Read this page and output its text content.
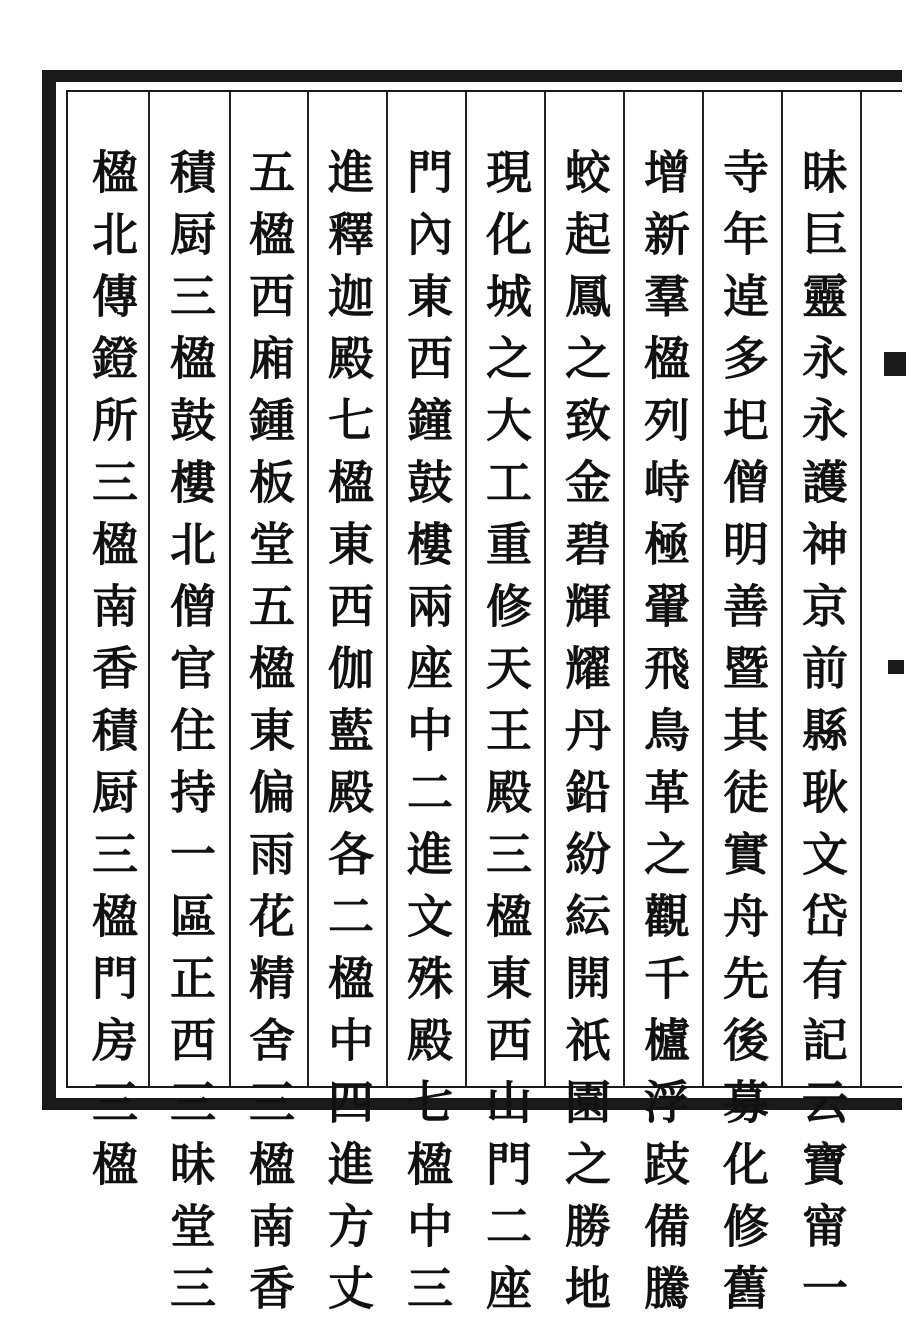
昧巨靈永永護神京前縣耿文岱有記云寶甯一
寺年逴多圯僧明善暨其徒實舟先後募化修舊
增新羣楹列峙極翬飛鳥革之觀千櫨浮跂備騰
蛟起鳳之致金碧輝耀丹鉛紛紜開祇園之勝地
現化城之大工重修天王殿三楹東西山門二座
門內東西鐘鼓樓兩座中二進文殊殿七楹中三
進釋迦殿七楹東西伽藍殿各二楹中四進方丈
五楹西廂鍾板堂五楹東偏雨花精舍三楹南香
積厨三楹鼓樓北僧官住持一區正西三昧堂三
楹北傳鐙所三楹南香積厨三楹門房三楹
